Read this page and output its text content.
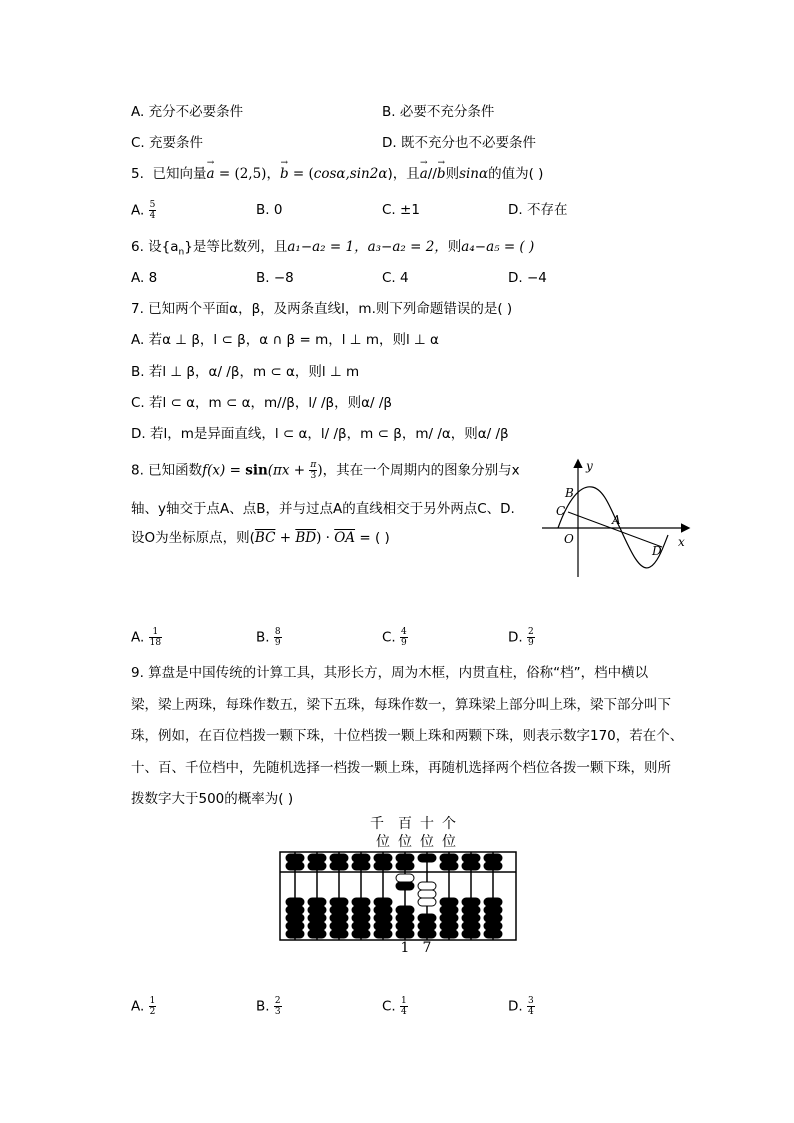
A. 充分不必要条件	B. 必要不充分条件
C. 充要条件	D. 既不充分也不必要条件
5. 已知向量→ a = (2,5)，→ b = (cosα,sin2α)，且→ a//→ b则sinα的值为( )
A. $\frac{5}{4}$	B. 0	C. ±1	D. 不存在
6. 设$\{a_n\}$是等比数列，且a₁−a₂ = 1，a₃−a₂ = 2，则a₄−a₅ = ( )
A. 8	B. −8	C. 4	D. −4
7. 已知两个平面α，β，及两条直线l，m.则下列命题错误的是( )
A. 若α ⊥ β，l ⊂ β，α ∩ β = m，l ⊥ m，则l ⊥ α
B. 若l ⊥ β，α/ /β，m ⊂ α，则l ⊥ m
C. 若l ⊂ α，m ⊂ α，m//β，l/ /β，则α/ /β
D. 若l，m是异面直线，l ⊂ α，l/ /β，m ⊂ β，m/ /α，则α/ /β
8. 已知函数$f(x) = \sin(\pi x + \frac{\pi}{3}$ )，其在一个周期内的图象分别与x
轴、y轴交于点A、点B，并与过点A的直线相交于另外两点C、D.
设O为坐标原点，则$(\overline{BC} + \overline{BD}) \cdot \overline{OA}$ = ( )
y
x
O
A
B
C
D
A. $\frac{1}{18}$	B. $\frac{8}{9}$	C. $\frac{4}{9}$	D. $\frac{2}{9}$
9. 算盘是中国传统的计算工具，其形长方，周为木框，内贯直柱，俗称“档”，档中横以
梁，梁上两珠，每珠作数五，梁下五珠，每珠作数一，算珠梁上部分叫上珠，梁下部分叫下
珠，例如，在百位档拨一颗下珠，十位档拨一颗上珠和两颗下珠，则表示数字170，若在个、
十、百、千位档中，先随机选择一档拨一颗上珠，再随机选择两个档位各拨一颗下珠，则所
拨数字大于500的概率为( )
千 百 十 个
位 位 位 位
1 7
A. $\frac{1}{2}$	B. $\frac{2}{3}$	C. $\frac{1}{4}$	D. $\frac{3}{4}$
